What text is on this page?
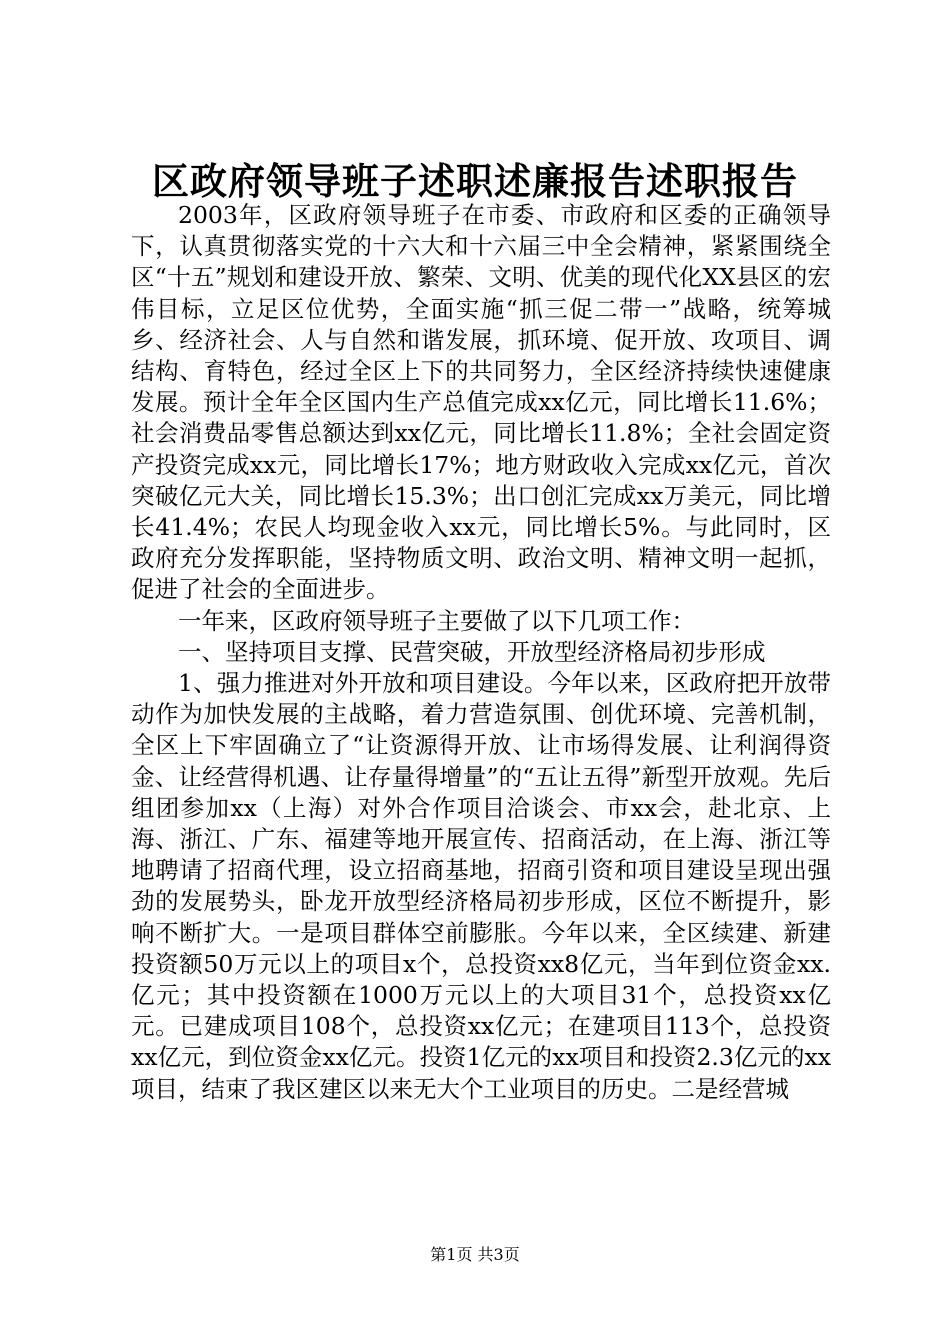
区政府领导班子述职述廉报告述职报告

2003年，区政府领导班子在市委、市政府和区委的正确领导下，认真贯彻落实党的十六大和十六届三中全会精神，紧紧围绕全区“十五”规划和建设开放、繁荣、文明、优美的现代化XX县区的宏伟目标，立足区位优势，全面实施“抓三促二带一”战略，统筹城乡、经济社会、人与自然和谐发展，抓环境、促开放、攻项目、调结构、育特色，经过全区上下的共同努力，全区经济持续快速健康发展。预计全年全区国内生产总值完成xx亿元，同比增长11.6%；社会消费品零售总额达到xx亿元，同比增长11.8%；全社会固定资产投资完成xx元，同比增长17%；地方财政收入完成xx亿元，首次突破亿元大关，同比增长15.3%；出口创汇完成xx万美元，同比增长41.4%；农民人均现金收入xx元，同比增长5%。与此同时，区政府充分发挥职能，坚持物质文明、政治文明、精神文明一起抓，促进了社会的全面进步。

一年来，区政府领导班子主要做了以下几项工作：

一、坚持项目支撑、民营突破，开放型经济格局初步形成

1、强力推进对外开放和项目建设。今年以来，区政府把开放带动作为加快发展的主战略，着力营造氛围、创优环境、完善机制，全区上下牢固确立了“让资源得开放、让市场得发展、让利润得资金、让经营得机遇、让存量得增量”的“五让五得”新型开放观。先后组团参加xx（上海）对外合作项目洽谈会、市xx会，赴北京、上海、浙江、广东、福建等地开展宣传、招商活动，在上海、浙江等地聘请了招商代理，设立招商基地，招商引资和项目建设呈现出强劲的发展势头，卧龙开放型经济格局初步形成，区位不断提升，影响不断扩大。一是项目群体空前膨胀。今年以来，全区续建、新建投资额50万元以上的项目x个，总投资xx8亿元，当年到位资金xx.亿元；其中投资额在1000万元以上的大项目31个，总投资xx亿元。已建成项目108个，总投资xx亿元；在建项目113个，总投资xx亿元，到位资金xx亿元。投资1亿元的xx项目和投资2.3亿元的xx项目，结束了我区建区以来无大个工业项目的历史。二是经营城

第1页 共3页
